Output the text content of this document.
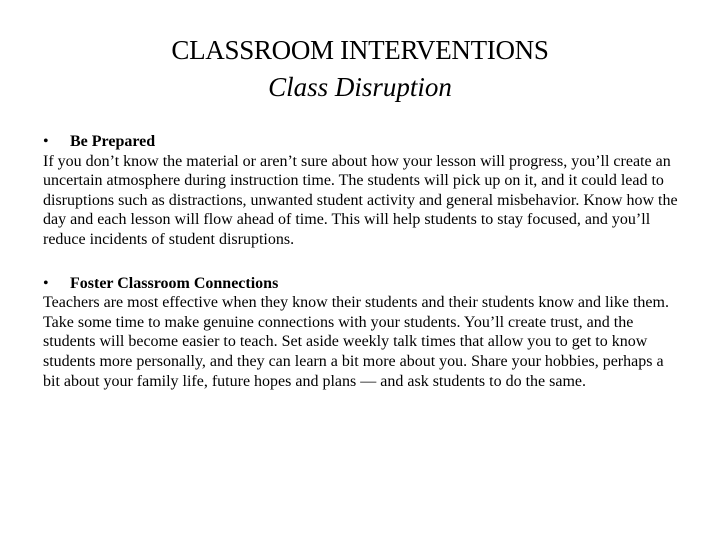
CLASSROOM INTERVENTIONS
Class Disruption
•	Be Prepared

If you don’t know the material or aren’t sure about how your lesson will progress, you’ll create an uncertain atmosphere during instruction time. The students will pick up on it, and it could lead to disruptions such as distractions, unwanted student activity and general misbehavior. Know how the day and each lesson will flow ahead of time. This will help students to stay focused, and you’ll reduce incidents of student disruptions.

•	Foster Classroom Connections

Teachers are most effective when they know their students and their students know and like them. Take some time to make genuine connections with your students. You’ll create trust, and the students will become easier to teach. Set aside weekly talk times that allow you to get to know students more personally, and they can learn a bit more about you. Share your hobbies, perhaps a bit about your family life, future hopes and plans — and ask students to do the same.
